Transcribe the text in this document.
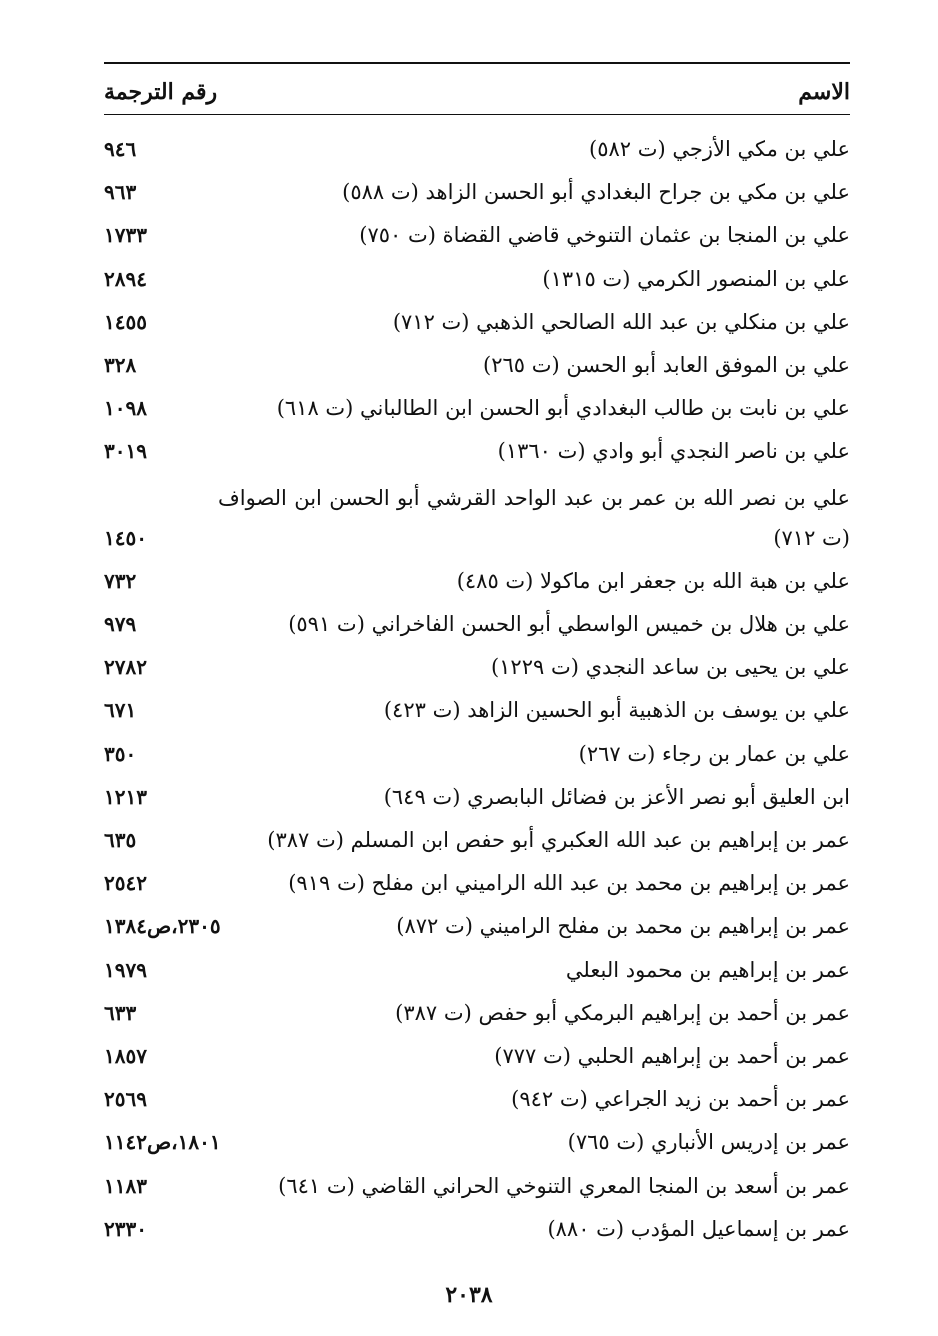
الاسم
رقم الترجمة
علي بن مكي الأزجي (ت ٥٨٢)
٩٤٦
علي بن مكي بن جراح البغدادي أبو الحسن الزاهد (ت ٥٨٨)
٩٦٣
علي بن المنجا بن عثمان التنوخي قاضي القضاة (ت ٧٥٠)
١٧٣٣
علي بن المنصور الكرمي (ت ١٣١٥)
٢٨٩٤
علي بن منكلي بن عبد الله الصالحي الذهبي (ت ٧١٢)
١٤٥٥
علي بن الموفق العابد أبو الحسن (ت ٢٦٥)
٣٢٨
علي بن نابت بن طالب البغدادي أبو الحسن ابن الطالباني (ت ٦١٨)
١٠٩٨
علي بن ناصر النجدي أبو وادي (ت ١٣٦٠)
٣٠١٩
علي بن نصر الله بن عمر بن عبد الواحد القرشي أبو الحسن ابن الصواف (ت ٧١٢)
١٤٥٠
علي بن هبة الله بن جعفر ابن ماكولا (ت ٤٨٥)
٧٣٢
علي بن هلال بن خميس الواسطي أبو الحسن الفاخراني (ت ٥٩١)
٩٧٩
علي بن يحيى بن ساعد النجدي (ت ١٢٢٩)
٢٧٨٢
علي بن يوسف بن الذهبية أبو الحسين الزاهد (ت ٤٢٣)
٦٧١
علي بن عمار بن رجاء (ت ٢٦٧)
٣٥٠
ابن العليق أبو نصر الأعز بن فضائل البابصري (ت ٦٤٩)
١٢١٣
عمر بن إبراهيم بن عبد الله العكبري أبو حفص ابن المسلم (ت ٣٨٧)
٦٣٥
عمر بن إبراهيم بن محمد بن عبد الله الراميني ابن مفلح (ت ٩١٩)
٢٥٤٢
عمر بن إبراهيم بن محمد بن مفلح الراميني (ت ٨٧٢)
٢٣٠٥،ص١٣٨٤
عمر بن إبراهيم بن محمود البعلي
١٩٧٩
عمر بن أحمد بن إبراهيم البرمكي أبو حفص (ت ٣٨٧)
٦٣٣
عمر بن أحمد بن إبراهيم الحلبي (ت ٧٧٧)
١٨٥٧
عمر بن أحمد بن زيد الجراعي (ت ٩٤٢)
٢٥٦٩
عمر بن إدريس الأنباري (ت ٧٦٥)
١٨٠١،ص١١٤٢
عمر بن أسعد بن المنجا المعري التنوخي الحراني القاضي (ت ٦٤١)
١١٨٣
عمر بن إسماعيل المؤدب (ت ٨٨٠)
٢٣٣٠
٢٠٣٨
